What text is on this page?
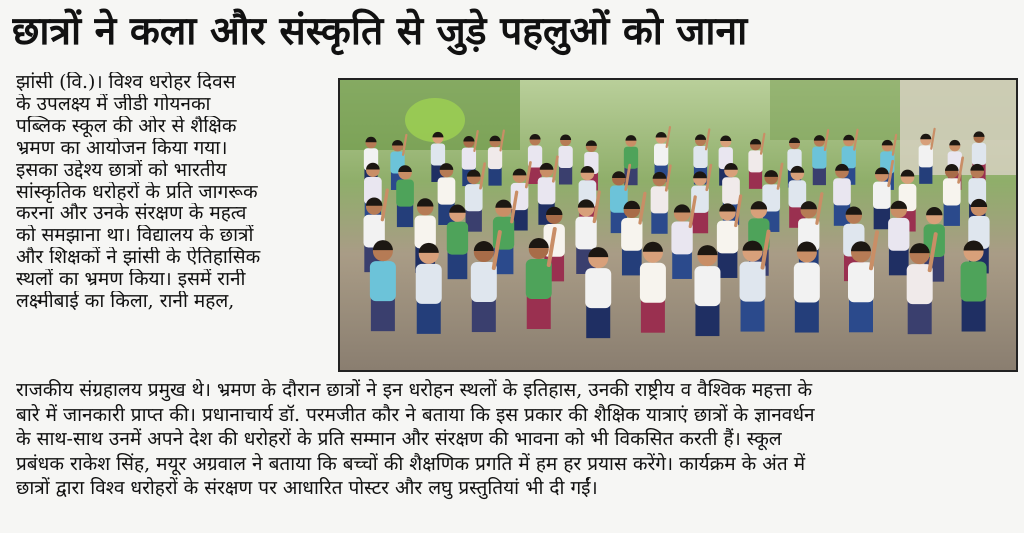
छात्रों ने कला और संस्कृति से जुड़े पहलुओं को जाना
झांसी (वि.)। विश्व धरोहर दिवस
के उपलक्ष्य में जीडी गोयनका
पब्लिक स्कूल की ओर से शैक्षिक
भ्रमण का आयोजन किया गया।
इसका उद्देश्य छात्रों को भारतीय
सांस्कृतिक धरोहरों के प्रति जागरूक
करना और उनके संरक्षण के महत्व
को समझाना था। विद्यालय के छात्रों
और शिक्षकों ने झांसी के ऐतिहासिक
स्थलों का भ्रमण किया। इसमें रानी
लक्ष्मीबाई का किला, रानी महल,
राजकीय संग्रहालय प्रमुख थे। भ्रमण के दौरान छात्रों ने इन धरोहन स्थलों के इतिहास, उनकी राष्ट्रीय व वैश्विक महत्ता के
बारे में जानकारी प्राप्त की। प्रधानाचार्य डॉ. परमजीत कौर ने बताया कि इस प्रकार की शैक्षिक यात्राएं छात्रों के ज्ञानवर्धन
के साथ-साथ उनमें अपने देश की धरोहरों के प्रति सम्मान और संरक्षण की भावना को भी विकसित करती हैं। स्कूल
प्रबंधक राकेश सिंह, मयूर अग्रवाल ने बताया कि बच्चों की शैक्षणिक प्रगति में हम हर प्रयास करेंगे। कार्यक्रम के अंत में
छात्रों द्वारा विश्व धरोहरों के संरक्षण पर आधारित पोस्टर और लघु प्रस्तुतियां भी दी गईं।
